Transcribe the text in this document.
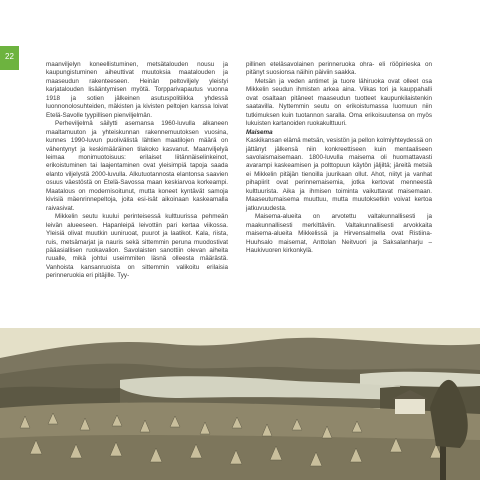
22

maanviljelyn koneellistuminen, metsätalouden nousu ja kaupungistuminen aiheuttivat muutoksia maatalouden ja maaseudun rakenteeseen. Heinän peltoviljely yleistyi karjatalouden lisääntymisen myötä. Torpparivapautus vuonna 1918 ja sotien jälkeinen asutuspolitiikka yhdessä luonnonolosuhteiden, mäkisten ja kivisten peltojen kanssa loivat Etelä-Savolle tyypillisen pienviljelmän.

Perheviljelmä säilytti asemansa 1960-luvulla alkaneen maaltamuuton ja yhteiskunnan rakennemuutoksen vuosina, kunnes 1990-luvun puolivälistä lähtien maatilojen määrä on vähentynyt ja keskimääräinen tilakoko kasvanut. Maanviljelyä leimaa monimuotoisuus: erilaiset liitännäiselinkeinot, erikoistuminen tai laajentaminen ovat yleisimpiä tapoja saada elanto viljelystä 2000-luvulla. Alkutuotannosta elantonsa saavien osuus väestöstä on Etelä-Savossa maan keskiarvoa korkeampi. Maatalous on modernisoitunut, mutta koneet kyntävät samoja kivisiä mäenrinnepeltoja, joita esi-isät aikoinaan kaskeamalla raivasivat.

Mikkelin seutu kuului perinteisessä kulttuurissa pehmeän leivän alueeseen. Hapanleipä leivottiin pari kertaa viikossa. Yleisiä olivat muutkin uuniruoat, puurot ja laatikot. Kala, riista, ruis, metsämarjat ja nauris sekä sittemmin peruna muodostivat pääasiallisen ruokavalion. Savolaisten sanottiin olevan aiheita ruualle, mikä johtui useimmiten läsnä olleesta määrästä. Vanhoista kansanruoista on sittemmin valikoitu erilaisia perinneruokia eri pitäjille. Tyy-

pillinen eteläsavolainen perinneruoka ohra- eli rööpirieska on pitänyt suosionsa näihin päiviin saakka.

Metsän ja veden antimet ja tuore lähiruoka ovat olleet osa Mikkelin seudun ihmisten arkea aina. Viikas tori ja kauppahalli ovat osaltaan pitäneet maaseudun tuotteet kaupunkilaistenkin saatavilla. Nyttemmin seutu on erikoistumassa luomuun niin tutkimuksen kuin tuotannon saralla. Oma erikoisuutensa on myös lukuisten kartanoiden ruokakulttuuri.

Maisema

Kaskikansan elämä metsän, vesistön ja pellon kolmiyhteydessä on jättänyt jälkensä niin konkreettiseen kuin mentaaliseen savolaismaisemaan. 1800-luvulla maisema oli huomattavasti avarampi kaskeamisen ja polttopuun käytön jäljiltä; järeitä metsiä ei Mikkelin pitäjän tienoilla juurikaan ollut. Ahot, niityt ja vanhat pihapiirit ovat perinnemaisemia, jotka kertovat menneestä kulttuurista. Aika ja ihmisen toiminta vaikuttavat maisemaan. Maaseutumaisema muuttuu, mutta muutoksetkin voivat kertoa jatkuvuudesta.

Maisema-alueita on arvotettu valtakunnallisesti ja maakunnallisesti merkittäviin. Valtakunnallisesti arvokkaita maisema-alueita Mikkelissä ja Hirvensalmella ovat Ristiina-Huuhsalo maisemat, Anttolan Neitvuori ja Saksalanharju – Haukivuoren kirkonkylä.
